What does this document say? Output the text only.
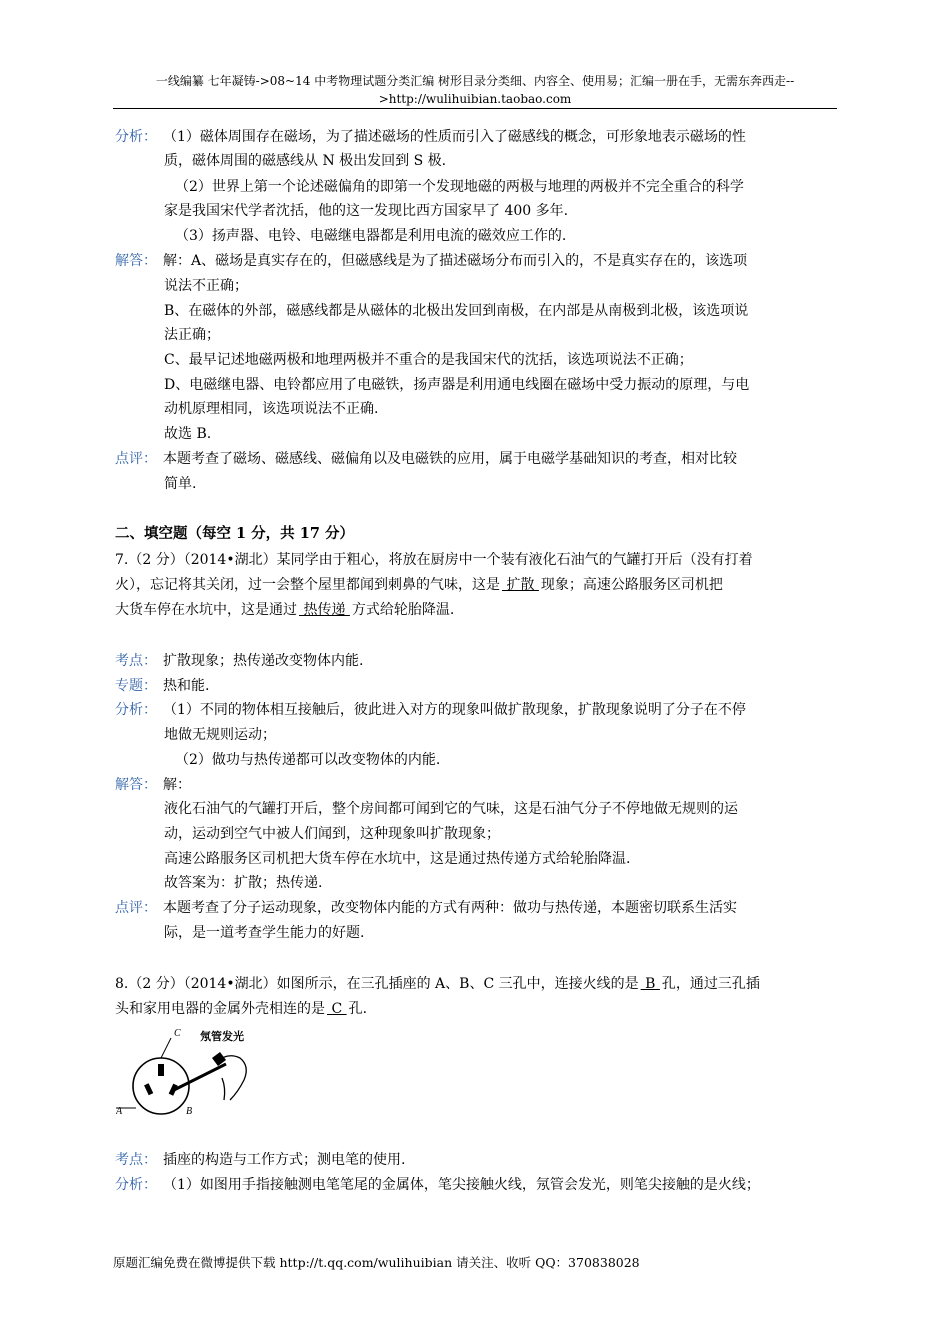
一线编纂 七年凝铸->08~14 中考物理试题分类汇编 树形目录分类细、内容全、使用易；汇编一册在手，无需东奔西走--
>http://wulihuibian.taobao.com
分析： （1）磁体周围存在磁场，为了描述磁场的性质而引入了磁感线的概念，可形象地表示磁场的性
质，磁体周围的磁感线从 N 极出发回到 S 极.
（2）世界上第一个论述磁偏角的即第一个发现地磁的两极与地理的两极并不完全重合的科学
家是我国宋代学者沈括，他的这一发现比西方国家早了 400 多年.
（3）扬声器、电铃、电磁继电器都是利用电流的磁效应工作的.
解答： 解：A、磁场是真实存在的，但磁感线是为了描述磁场分布而引入的，不是真实存在的，该选项
说法不正确；
B、在磁体的外部，磁感线都是从磁体的北极出发回到南极，在内部是从南极到北极，该选项说
法正确；
C、最早记述地磁两极和地理两极并不重合的是我国宋代的沈括，该选项说法不正确；
D、电磁继电器、电铃都应用了电磁铁，扬声器是利用通电线圈在磁场中受力振动的原理，与电
动机原理相同，该选项说法不正确.
故选 B.
点评： 本题考查了磁场、磁感线、磁偏角以及电磁铁的应用，属于电磁学基础知识的考查，相对比较
简单.
二、填空题（每空 1 分，共 17 分）
7.（2 分）（2014•湖北）某同学由于粗心，将放在厨房中一个装有液化石油气的气罐打开后（没有打着
火），忘记将其关闭，过一会整个屋里都闻到刺鼻的气味，这是 扩散 现象；高速公路服务区司机把
大货车停在水坑中，这是通过 热传递 方式给轮胎降温.
考点： 扩散现象；热传递改变物体内能.
专题： 热和能.
分析： （1）不同的物体相互接触后，彼此进入对方的现象叫做扩散现象，扩散现象说明了分子在不停
地做无规则运动；
（2）做功与热传递都可以改变物体的内能.
解答： 解：
液化石油气的气罐打开后，整个房间都可闻到它的气味，这是石油气分子不停地做无规则的运
动，运动到空气中被人们闻到，这种现象叫扩散现象；
高速公路服务区司机把大货车停在水坑中，这是通过热传递方式给轮胎降温.
故答案为：扩散；热传递.
点评： 本题考查了分子运动现象，改变物体内能的方式有两种：做功与热传递，本题密切联系生活实
际，是一道考查学生能力的好题.
8.（2 分）（2014•湖北）如图所示，在三孔插座的 A、B、C 三孔中，连接火线的是 B 孔，通过三孔插
头和家用电器的金属外壳相连的是 C 孔.
C
A	B
氖管发光
考点： 插座的构造与工作方式；测电笔的使用.
分析： （1）如图用手指接触测电笔笔尾的金属体，笔尖接触火线，氖管会发光，则笔尖接触的是火线；
原题汇编免费在微博提供下载 http://t.qq.com/wulihuibian 请关注、收听 QQ：370838028
